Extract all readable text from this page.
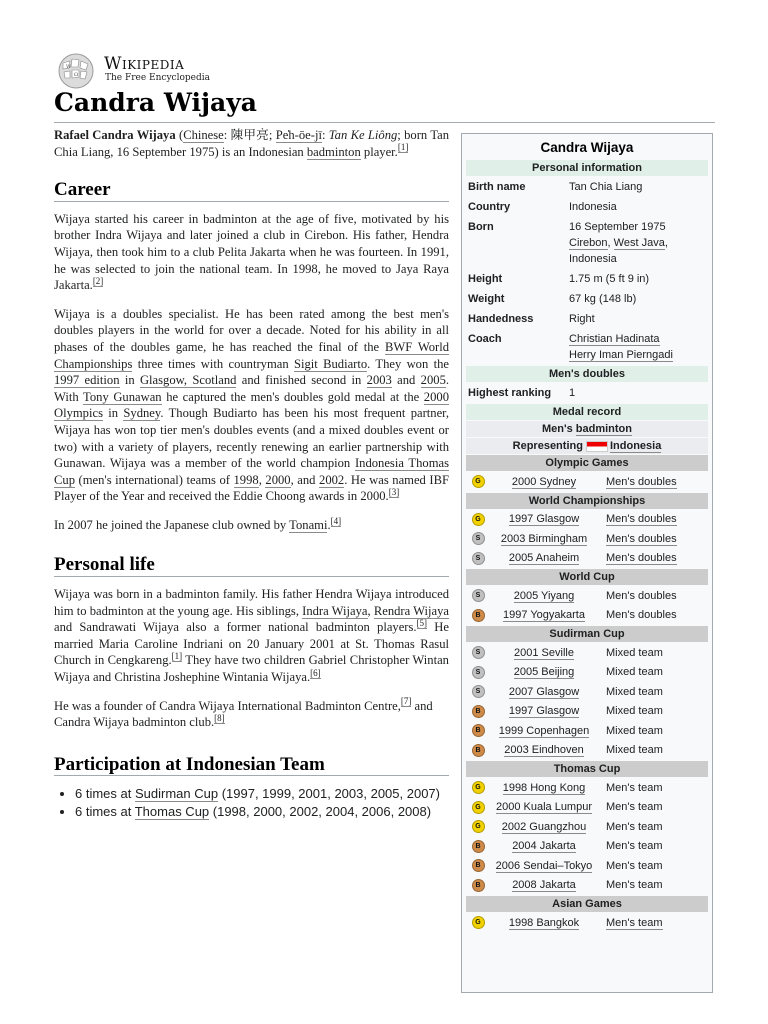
W
Ω
Wikipedia
The Free Encyclopedia
Candra Wijaya

Rafael Candra Wijaya (Chinese: 陳甲亮; Pe̍h-ōe-jī: Tan Ke Liông; born Tan Chia Liang, 16 September 1975) is an Indonesian badminton player.[1]

Career

Wijaya started his career in badminton at the age of five, motivated by his brother Indra Wijaya and later joined a club in Cirebon. His father, Hendra Wijaya, then took him to a club Pelita Jakarta when he was fourteen. In 1991, he was selected to join the national team. In 1998, he moved to Jaya Raya Jakarta.[2]

Wijaya is a doubles specialist. He has been rated among the best men's doubles players in the world for over a decade. Noted for his ability in all phases of the doubles game, he has reached the final of the BWF World Championships three times with countryman Sigit Budiarto. They won the 1997 edition in Glasgow, Scotland and finished second in 2003 and 2005. With Tony Gunawan he captured the men's doubles gold medal at the 2000 Olympics in Sydney. Though Budiarto has been his most frequent partner, Wijaya has won top tier men's doubles events (and a mixed doubles event or two) with a variety of players, recently renewing an earlier partnership with Gunawan. Wijaya was a member of the world champion Indonesia Thomas Cup (men's international) teams of 1998, 2000, and 2002. He was named IBF Player of the Year and received the Eddie Choong awards in 2000.[3]

In 2007 he joined the Japanese club owned by Tonami.[4]

Personal life

Wijaya was born in a badminton family. His father Hendra Wijaya introduced him to badminton at the young age. His siblings, Indra Wijaya, Rendra Wijaya and Sandrawati Wijaya also a former national badminton players.[5] He married Maria Caroline Indriani on 20 January 2001 at St. Thomas Rasul Church in Cengkareng.[1] They have two children Gabriel Christopher Wintan Wijaya and Christina Joshephine Wintania Wijaya.[6]

He was a founder of Candra Wijaya International Badminton Centre,[7] and Candra Wijaya badminton club.[8]

Participation at Indonesian Team
• 6 times at Sudirman Cup (1997, 1999, 2001, 2003, 2005, 2007)
• 6 times at Thomas Cup (1998, 2000, 2002, 2004, 2006, 2008)
Candra Wijaya
Personal information
Birth name	Tan Chia Liang
Country	Indonesia
Born	16 September 1975
Cirebon, West Java,
Indonesia
Height	1.75 m (5 ft 9 in)
Weight	67 kg (148 lb)
Handedness	Right
Coach	Christian Hadinata
Herry Iman Pierngadi
Men's doubles
Highest ranking	1
Medal record
Men's badminton
Representing Indonesia
Olympic Games
G	2000 Sydney	Men's doubles
World Championships
G	1997 Glasgow	Men's doubles
S	2003 Birmingham	Men's doubles
S	2005 Anaheim	Men's doubles
World Cup
S	2005 Yiyang	Men's doubles
B	1997 Yogyakarta	Men's doubles
Sudirman Cup
S	2001 Seville	Mixed team
S	2005 Beijing	Mixed team
S	2007 Glasgow	Mixed team
B	1997 Glasgow	Mixed team
B	1999 Copenhagen	Mixed team
B	2003 Eindhoven	Mixed team
Thomas Cup
G	1998 Hong Kong	Men's team
G	2000 Kuala Lumpur	Men's team
G	2002 Guangzhou	Men's team
B	2004 Jakarta	Men's team
B	2006 Sendai–Tokyo	Men's team
B	2008 Jakarta	Men's team
Asian Games
G	1998 Bangkok	Men's team
